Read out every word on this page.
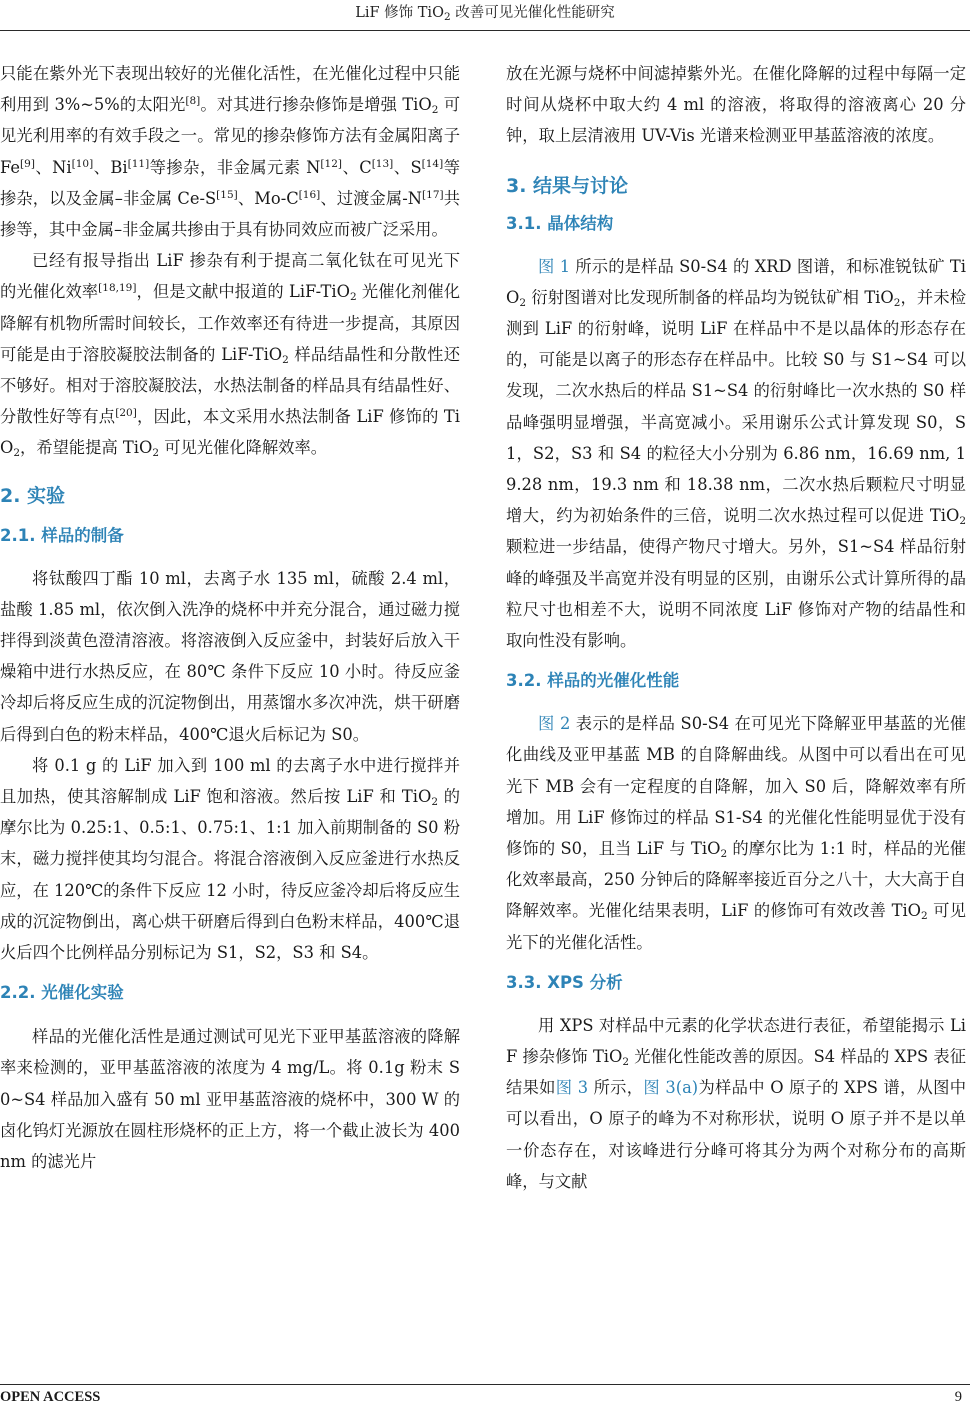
LiF 修饰 TiO$_2$ 改善可见光催化性能研究

只能在紫外光下表现出较好的光催化活性，在光催化过程中只能利用到 3%~5%的太阳光[8]。对其进行掺杂修饰是增强 TiO$_2$ 可见光利用率的有效手段之一。常见的掺杂修饰方法有金属阳离子 Fe[9]、Ni[10]、Bi[11]等掺杂，非金属元素 N[12]、C[13]、S[14]等掺杂，以及金属–非金属 Ce-S[15]、Mo-C[16]、过渡金属-N[17]共掺等，其中金属–非金属共掺由于具有协同效应而被广泛采用。

已经有报导指出 LiF 掺杂有利于提高二氧化钛在可见光下的光催化效率[18,19]，但是文献中报道的 LiF-TiO$_2$ 光催化剂催化降解有机物所需时间较长，工作效率还有待进一步提高，其原因可能是由于溶胶凝胶法制备的 LiF-TiO$_2$ 样品结晶性和分散性还不够好。相对于溶胶凝胶法，水热法制备的样品具有结晶性好、分散性好等有点[20]，因此，本文采用水热法制备 LiF 修饰的 TiO$_2$，希望能提高 TiO$_2$ 可见光催化降解效率。

2. 实验
2.1. 样品的制备

将钛酸四丁酯 10 ml，去离子水 135 ml，硫酸 2.4 ml，盐酸 1.85 ml，依次倒入洗净的烧杯中并充分混合，通过磁力搅拌得到淡黄色澄清溶液。将溶液倒入反应釜中，封装好后放入干燥箱中进行水热反应，在 80℃ 条件下反应 10 小时。待反应釜冷却后将反应生成的沉淀物倒出，用蒸馏水多次冲洗，烘干研磨后得到白色的粉末样品，400℃退火后标记为 S0。

将 0.1 g 的 LiF 加入到 100 ml 的去离子水中进行搅拌并且加热，使其溶解制成 LiF 饱和溶液。然后按 LiF 和 TiO$_2$ 的摩尔比为 0.25:1、0.5:1、0.75:1、1:1 加入前期制备的 S0 粉末，磁力搅拌使其均匀混合。将混合溶液倒入反应釜进行水热反应，在 120℃的条件下反应 12 小时，待反应釜冷却后将反应生成的沉淀物倒出，离心烘干研磨后得到白色粉末样品，400℃退火后四个比例样品分别标记为 S1，S2，S3 和 S4。

2.2. 光催化实验

样品的光催化活性是通过测试可见光下亚甲基蓝溶液的降解率来检测的，亚甲基蓝溶液的浓度为 4 mg/L。将 0.1g 粉末 S0~S4 样品加入盛有 50 ml 亚甲基蓝溶液的烧杯中，300 W 的卤化钨灯光源放在圆柱形烧杯的正上方，将一个截止波长为 400 nm 的滤光片

放在光源与烧杯中间滤掉紫外光。在催化降解的过程中每隔一定时间从烧杯中取大约 4 ml 的溶液，将取得的溶液离心 20 分钟，取上层清液用 UV-Vis 光谱来检测亚甲基蓝溶液的浓度。

3. 结果与讨论
3.1. 晶体结构

图 1 所示的是样品 S0-S4 的 XRD 图谱，和标准锐钛矿 TiO$_2$ 衍射图谱对比发现所制备的样品均为锐钛矿相 TiO$_2$，并未检测到 LiF 的衍射峰，说明 LiF 在样品中不是以晶体的形态存在的，可能是以离子的形态存在样品中。比较 S0 与 S1~S4 可以发现，二次水热后的样品 S1~S4 的衍射峰比一次水热的 S0 样品峰强明显增强，半高宽减小。采用谢乐公式计算发现 S0，S1，S2，S3 和 S4 的粒径大小分别为 6.86 nm，16.69 nm, 19.28 nm，19.3 nm 和 18.38 nm，二次水热后颗粒尺寸明显增大，约为初始条件的三倍，说明二次水热过程可以促进 TiO$_2$ 颗粒进一步结晶，使得产物尺寸增大。另外，S1~S4 样品衍射峰的峰强及半高宽并没有明显的区别，由谢乐公式计算所得的晶粒尺寸也相差不大，说明不同浓度 LiF 修饰对产物的结晶性和取向性没有影响。

3.2. 样品的光催化性能

图 2 表示的是样品 S0-S4 在可见光下降解亚甲基蓝的光催化曲线及亚甲基蓝 MB 的自降解曲线。从图中可以看出在可见光下 MB 会有一定程度的自降解，加入 S0 后，降解效率有所增加。用 LiF 修饰过的样品 S1-S4 的光催化性能明显优于没有修饰的 S0，且当 LiF 与 TiO$_2$ 的摩尔比为 1:1 时，样品的光催化效率最高，250 分钟后的降解率接近百分之八十，大大高于自降解效率。光催化结果表明，LiF 的修饰可有效改善 TiO$_2$ 可见光下的光催化活性。

3.3. XPS 分析

用 XPS 对样品中元素的化学状态进行表征，希望能揭示 LiF 掺杂修饰 TiO$_2$ 光催化性能改善的原因。S4 样品的 XPS 表征结果如图 3 所示，图 3(a)为样品中 O 原子的 XPS 谱，从图中可以看出，O 原子的峰为不对称形状，说明 O 原子并不是以单一价态存在，对该峰进行分峰可将其分为两个对称分布的高斯峰，与文献

OPEN ACCESS	9
